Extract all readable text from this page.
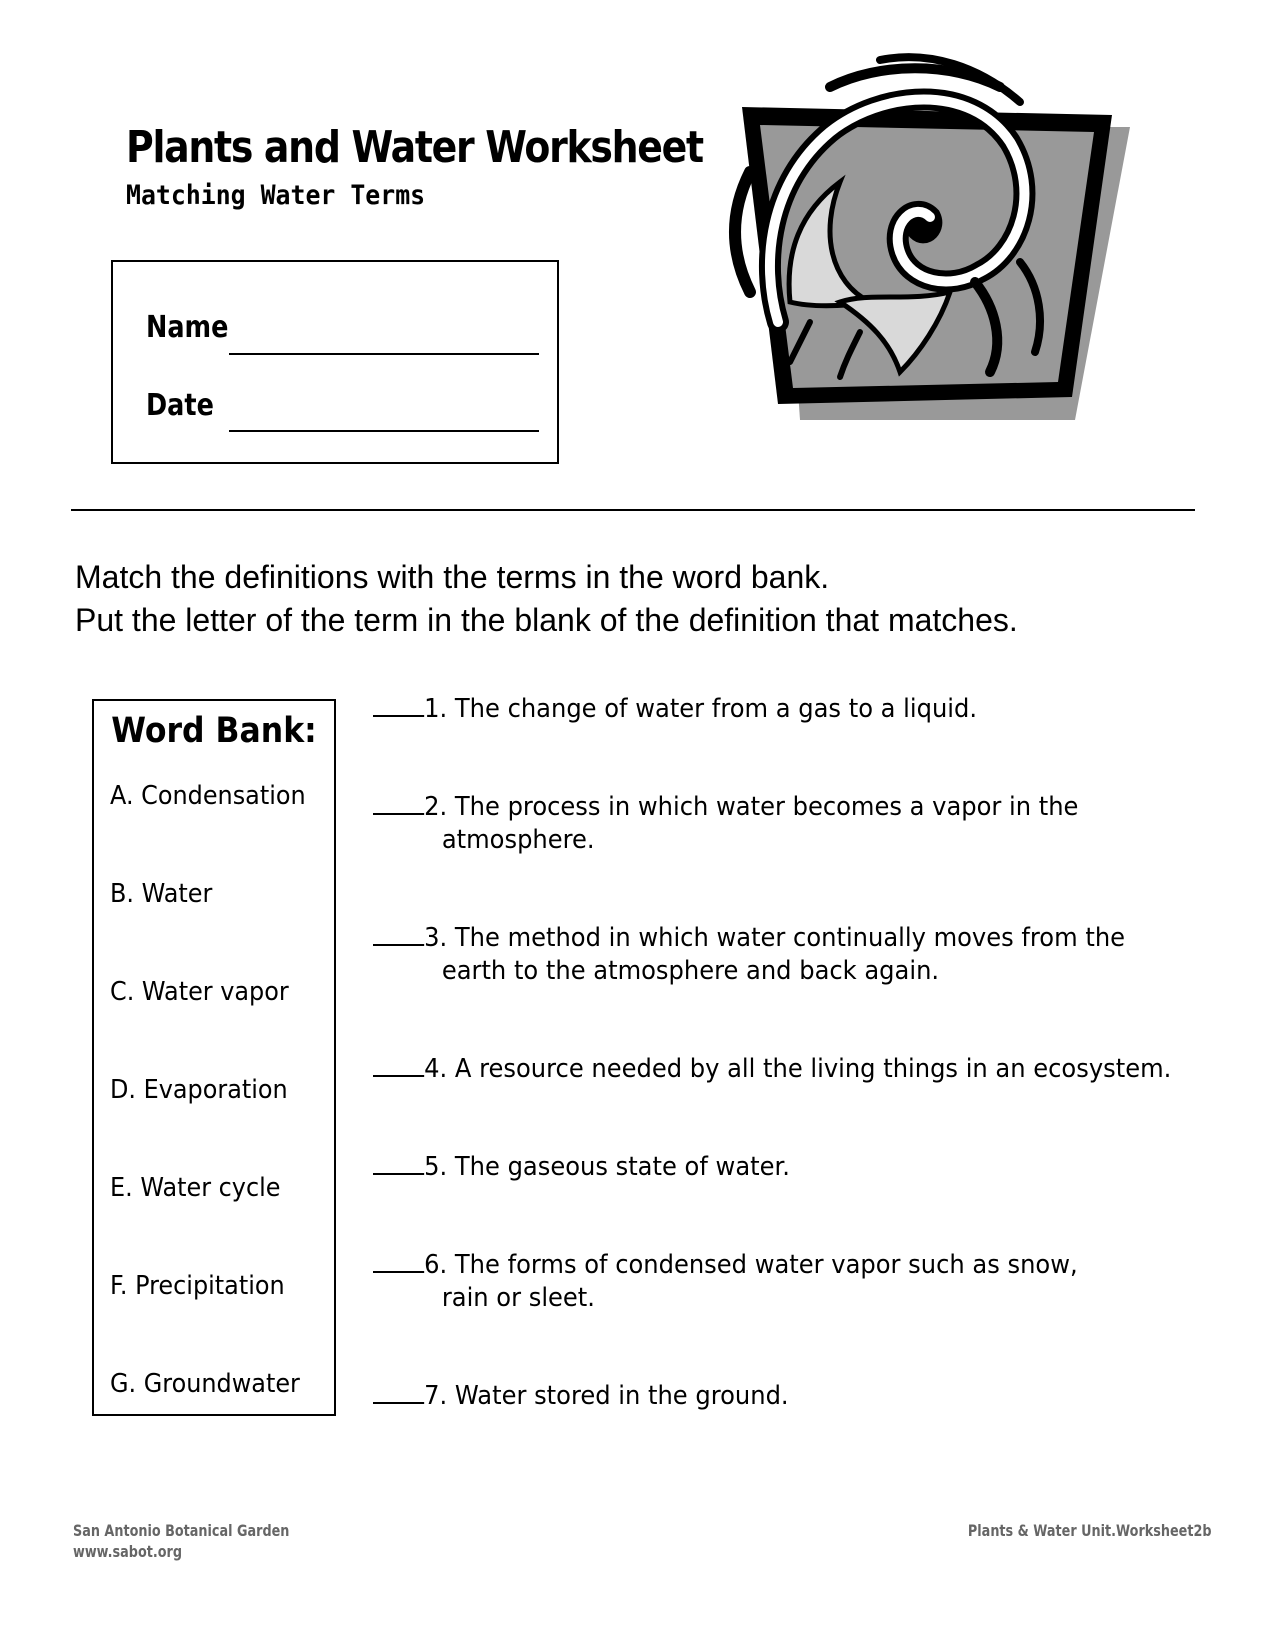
Plants and Water Worksheet
Matching Water Terms
Name
Date
Match the definitions with the terms in the word bank.
Put the letter of the term in the blank of the definition that matches.
Word Bank:
A. Condensation
B. Water
C. Water vapor
D. Evaporation
E. Water cycle
F. Precipitation
G. Groundwater
1. The change of water from a gas to a liquid.
2. The process in which water becomes a vapor in the
atmosphere.
3. The method in which water continually moves from the
earth to the atmosphere and back again.
4. A resource needed by all the living things in an ecosystem.
5. The gaseous state of water.
6. The forms of condensed water vapor such as snow,
rain or sleet.
7. Water stored in the ground.
San Antonio Botanical Garden
www.sabot.org
Plants & Water Unit.Worksheet2b
